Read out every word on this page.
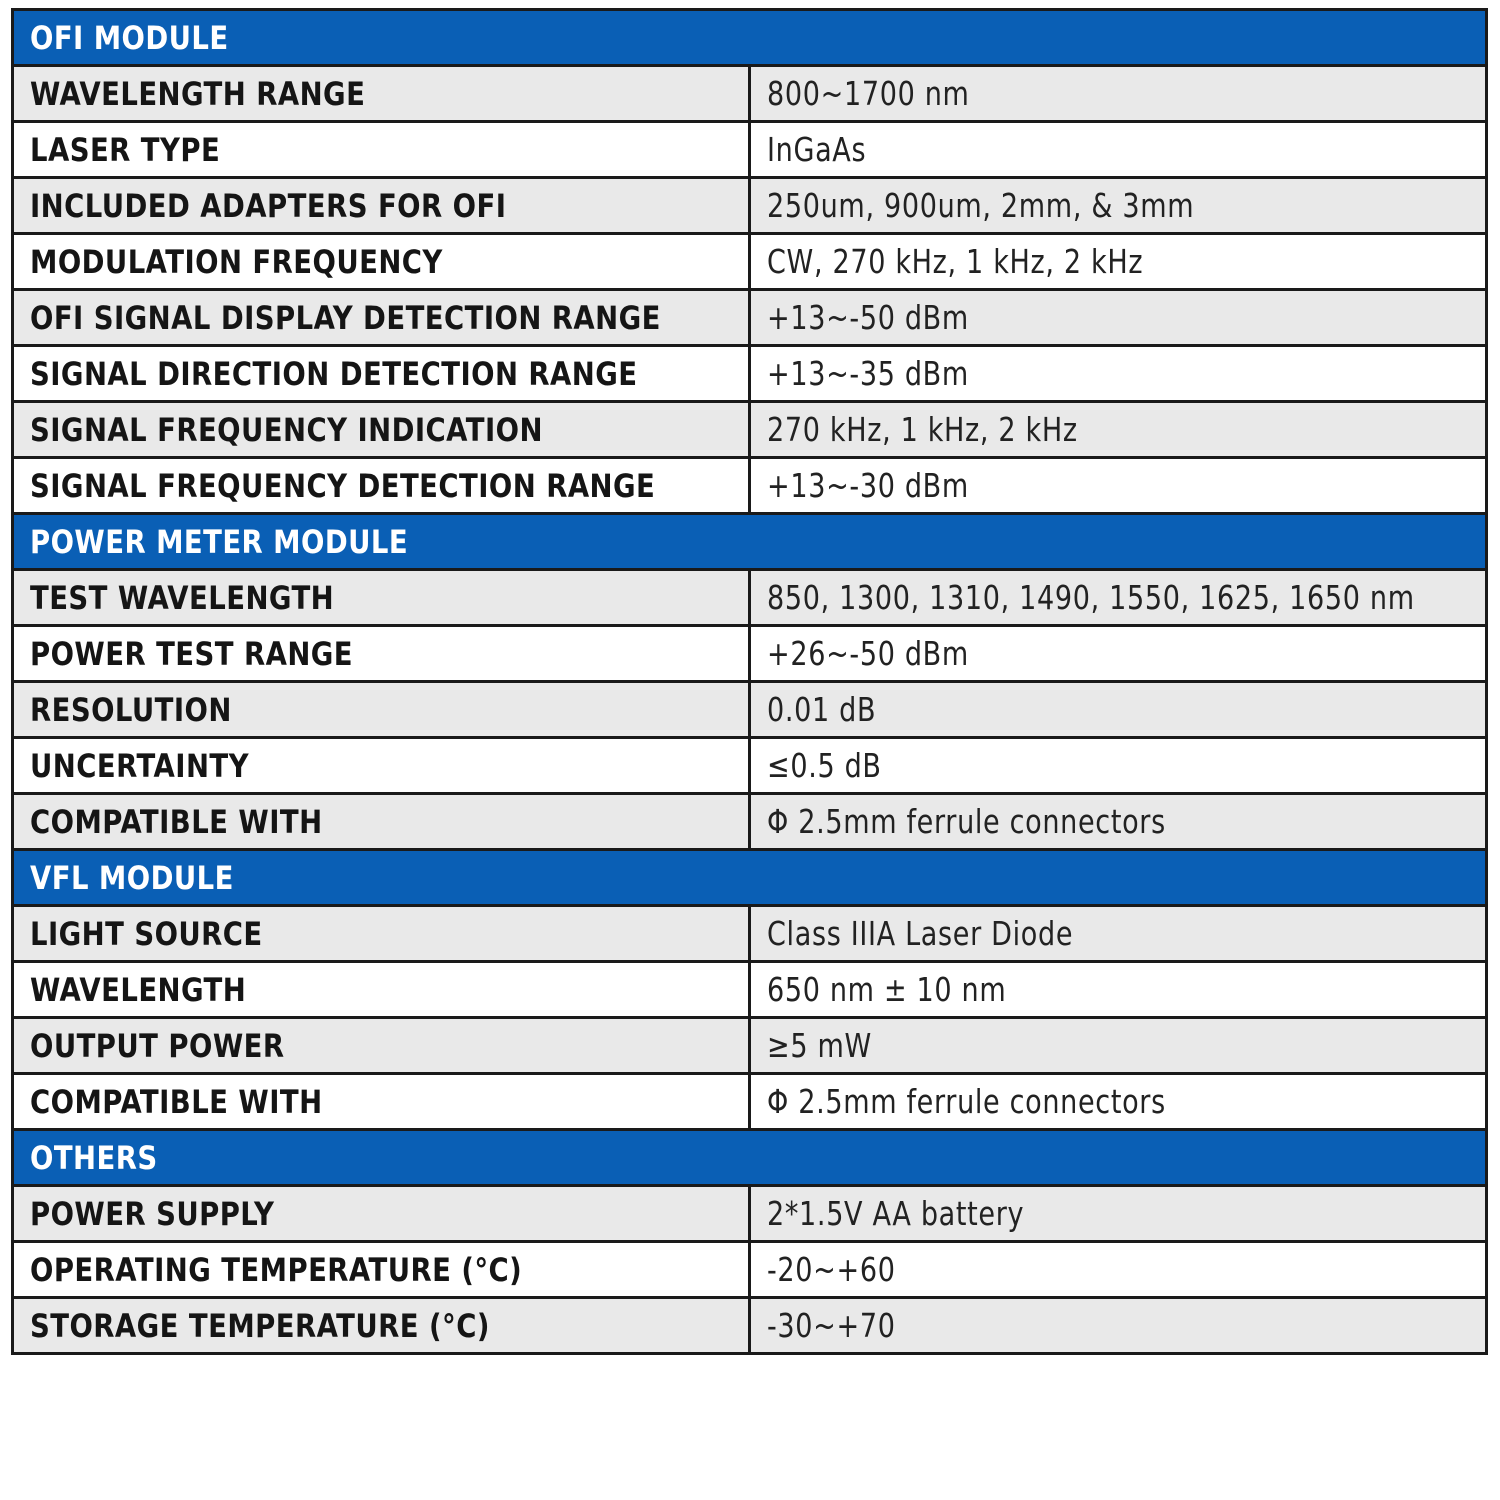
OFI MODULE	
WAVELENGTH RANGE	800~1700 nm
LASER TYPE	InGaAs
INCLUDED ADAPTERS FOR OFI	250um, 900um, 2mm, & 3mm
MODULATION FREQUENCY	CW, 270 kHz, 1 kHz, 2 kHz
OFI SIGNAL DISPLAY DETECTION RANGE	+13~-50 dBm
SIGNAL DIRECTION DETECTION RANGE	+13~-35 dBm
SIGNAL FREQUENCY INDICATION	270 kHz, 1 kHz, 2 kHz
SIGNAL FREQUENCY DETECTION RANGE	+13~-30 dBm
POWER METER MODULE	
TEST WAVELENGTH	850, 1300, 1310, 1490, 1550, 1625, 1650 nm
POWER TEST RANGE	+26~-50 dBm
RESOLUTION	0.01 dB
UNCERTAINTY	≤0.5 dB
COMPATIBLE WITH	Φ 2.5mm ferrule connectors
VFL MODULE	
LIGHT SOURCE	Class IIIA Laser Diode
WAVELENGTH	650 nm ± 10 nm
OUTPUT POWER	≥5 mW
COMPATIBLE WITH	Φ 2.5mm ferrule connectors
OTHERS	
POWER SUPPLY	2*1.5V AA battery
OPERATING TEMPERATURE (°C)	-20~+60
STORAGE TEMPERATURE (°C)	-30~+70
